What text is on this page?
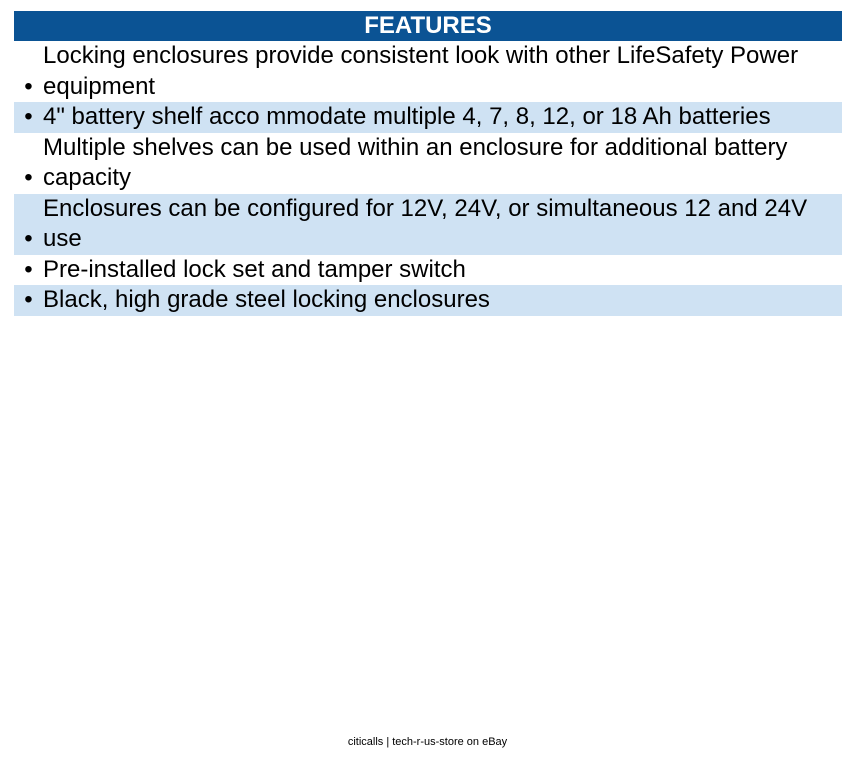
FEATURES
•
Locking enclosures provide consistent look with other LifeSafety Power equipment
• 4" battery shelf acco mmodate multiple 4, 7, 8, 12, or 18 Ah batteries
•
Multiple shelves can be used within an enclosure for additional battery capacity
•
Enclosures can be configured for 12V, 24V, or simultaneous 12 and 24V use
• Pre-installed lock set and tamper switch
• Black, high grade steel locking enclosures
citicalls | tech-r-us-store on eBay
